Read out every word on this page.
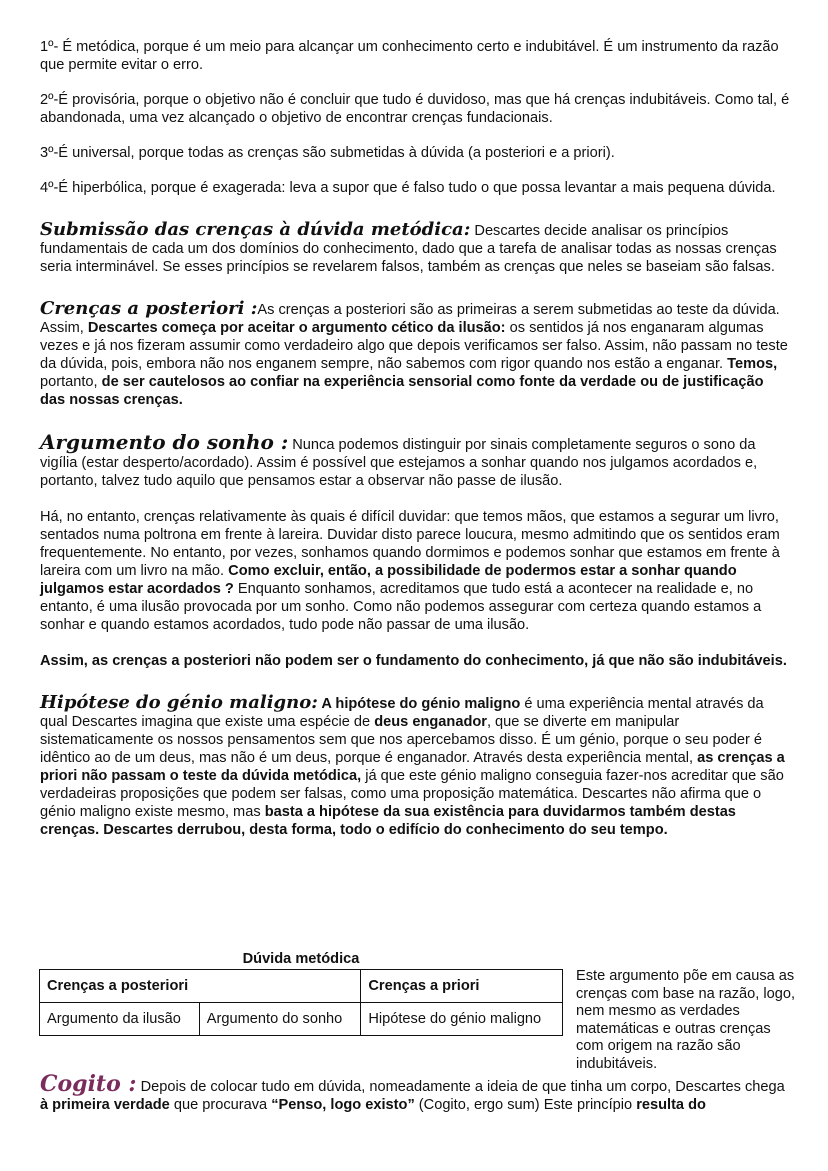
1º- É metódica, porque é um meio para alcançar um conhecimento certo e indubitável. É um instrumento da razão que permite evitar o erro.

2º-É provisória, porque o objetivo não é concluir que tudo é duvidoso, mas que há crenças indubitáveis. Como tal, é abandonada, uma vez alcançado o objetivo de encontrar crenças fundacionais.

3º-É universal, porque todas as crenças são submetidas à dúvida (a posteriori e a priori).

4º-É hiperbólica, porque é exagerada: leva a supor que é falso tudo o que possa levantar a mais pequena dúvida.

Submissão das crenças à dúvida metódica: Descartes decide analisar os princípios fundamentais de cada um dos domínios do conhecimento, dado que a tarefa de analisar todas as nossas crenças seria interminável. Se esses princípios se revelarem falsos, também as crenças que neles se baseiam são falsas.

Crenças a posteriori :As crenças a posteriori são as primeiras a serem submetidas ao teste da dúvida. Assim, Descartes começa por aceitar o argumento cético da ilusão: os sentidos já nos enganaram algumas vezes e já nos fizeram assumir como verdadeiro algo que depois verificamos ser falso. Assim, não passam no teste da dúvida, pois, embora não nos enganem sempre, não sabemos com rigor quando nos estão a enganar. Temos, portanto, de ser cautelosos ao confiar na experiência sensorial como fonte da verdade ou de justificação das nossas crenças.

Argumento do sonho : Nunca podemos distinguir por sinais completamente seguros o sono da vigília (estar desperto/acordado). Assim é possível que estejamos a sonhar quando nos julgamos acordados e, portanto, talvez tudo aquilo que pensamos estar a observar não passe de ilusão.

Há, no entanto, crenças relativamente às quais é difícil duvidar: que temos mãos, que estamos a segurar um livro, sentados numa poltrona em frente à lareira. Duvidar disto parece loucura, mesmo admitindo que os sentidos eram frequentemente. No entanto, por vezes, sonhamos quando dormimos e podemos sonhar que estamos em frente à lareira com um livro na mão. Como excluir, então, a possibilidade de podermos estar a sonhar quando julgamos estar acordados ? Enquanto sonhamos, acreditamos que tudo está a acontecer na realidade e, no entanto, é uma ilusão provocada por um sonho. Como não podemos assegurar com certeza quando estamos a sonhar e quando estamos acordados, tudo pode não passar de uma ilusão.

Assim, as crenças a posteriori não podem ser o fundamento do conhecimento, já que não são indubitáveis.

Hipótese do génio maligno: A hipótese do génio maligno é uma experiência mental através da qual Descartes imagina que existe uma espécie de deus enganador, que se diverte em manipular sistematicamente os nossos pensamentos sem que nos apercebamos disso. É um génio, porque o seu poder é idêntico ao de um deus, mas não é um deus, porque é enganador. Através desta experiência mental, as crenças a priori não passam o teste da dúvida metódica, já que este génio maligno conseguia fazer-nos acreditar que são verdadeiras proposições que podem ser falsas, como uma proposição matemática. Descartes não afirma que o génio maligno existe mesmo, mas basta a hipótese da sua existência para duvidarmos também destas crenças. Descartes derrubou, desta forma, todo o edifício do conhecimento do seu tempo.

Dúvida metódica
Crenças a posteriori		Crenças a priori
Argumento da ilusão	Argumento do sonho	Hipótese do génio maligno
Este argumento põe em causa as crenças com base na razão, logo, nem mesmo as verdades matemáticas e outras crenças com origem na razão são indubitáveis.

Cogito : Depois de colocar tudo em dúvida, nomeadamente a ideia de que tinha um corpo, Descartes chega à primeira verdade que procurava “Penso, logo existo” (Cogito, ergo sum) Este princípio resulta do
